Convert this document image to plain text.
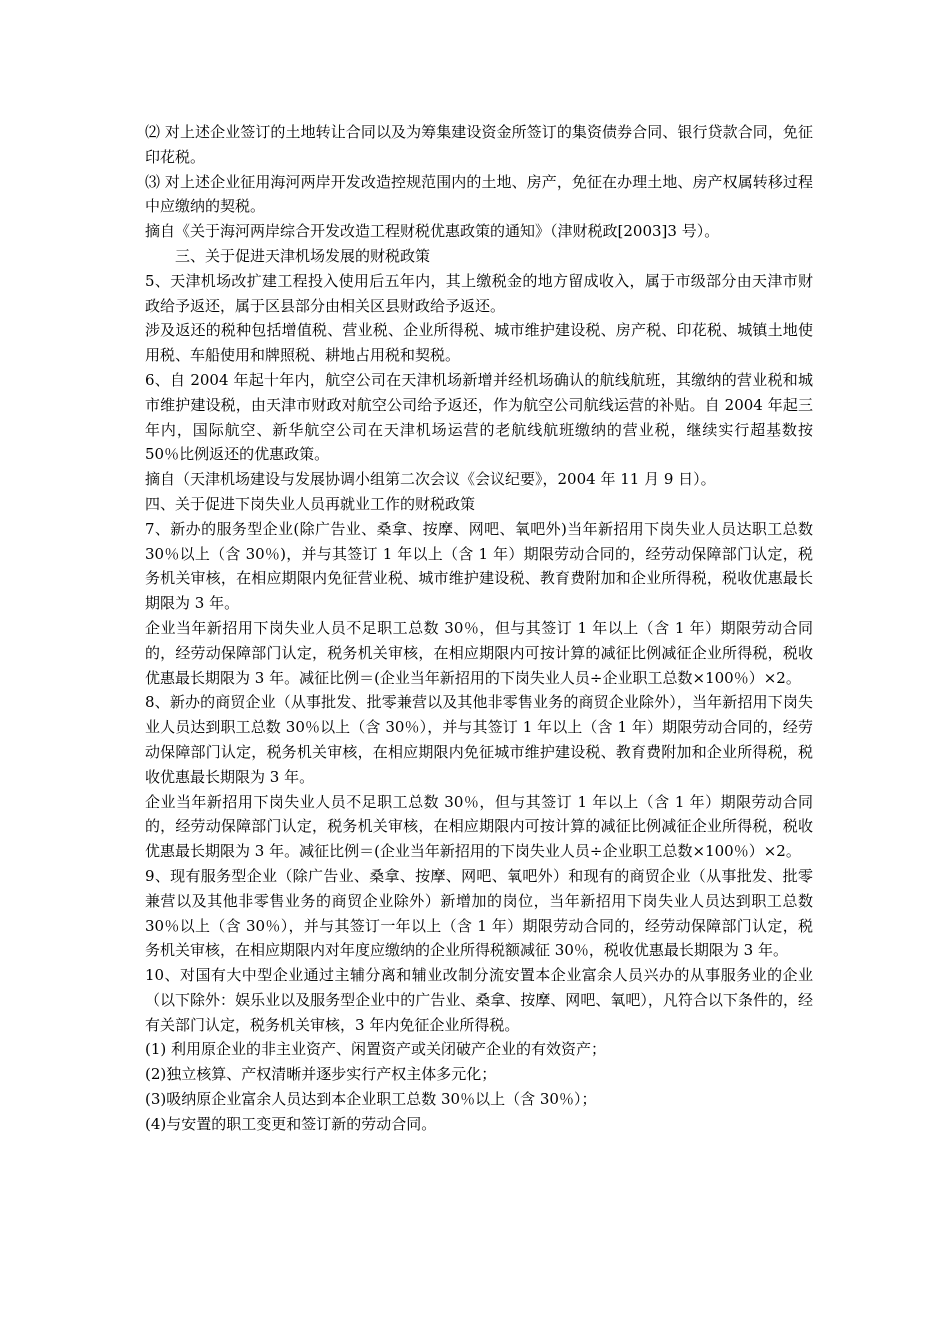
⑵ 对上述企业签订的土地转让合同以及为筹集建设资金所签订的集资债券合同、银行贷款合同，免征印花税。

⑶ 对上述企业征用海河两岸开发改造控规范围内的土地、房产，免征在办理土地、房产权属转移过程中应缴纳的契税。

摘自《关于海河两岸综合开发改造工程财税优惠政策的通知》（津财税政[2003]3 号）。

三、关于促进天津机场发展的财税政策

5、天津机场改扩建工程投入使用后五年内，其上缴税金的地方留成收入，属于市级部分由天津市财政给予返还，属于区县部分由相关区县财政给予返还。

涉及返还的税种包括增值税、营业税、企业所得税、城市维护建设税、房产税、印花税、城镇土地使用税、车船使用和牌照税、耕地占用税和契税。

6、自 2004 年起十年内，航空公司在天津机场新增并经机场确认的航线航班，其缴纳的营业税和城市维护建设税，由天津市财政对航空公司给予返还，作为航空公司航线运营的补贴。自 2004 年起三年内，国际航空、新华航空公司在天津机场运营的老航线航班缴纳的营业税，继续实行超基数按 50％比例返还的优惠政策。

摘自（天津机场建设与发展协调小组第二次会议《会议纪要》，2004 年 11 月 9 日）。

四、关于促进下岗失业人员再就业工作的财税政策

7、新办的服务型企业(除广告业、桑拿、按摩、网吧、氧吧外)当年新招用下岗失业人员达职工总数 30％以上（含 30％)，并与其签订 1 年以上（含 1 年）期限劳动合同的，经劳动保障部门认定，税务机关审核，在相应期限内免征营业税、城市维护建设税、教育费附加和企业所得税，税收优惠最长期限为 3 年。

企业当年新招用下岗失业人员不足职工总数 30％，但与其签订 1 年以上（含 1 年）期限劳动合同的，经劳动保障部门认定，税务机关审核，在相应期限内可按计算的减征比例减征企业所得税，税收优惠最长期限为 3 年。减征比例＝(企业当年新招用的下岗失业人员÷企业职工总数×100％）×2。

8、新办的商贸企业（从事批发、批零兼营以及其他非零售业务的商贸企业除外），当年新招用下岗失业人员达到职工总数 30％以上（含 30％），并与其签订 1 年以上（含 1 年）期限劳动合同的，经劳动保障部门认定，税务机关审核，在相应期限内免征城市维护建设税、教育费附加和企业所得税，税收优惠最长期限为 3 年。

企业当年新招用下岗失业人员不足职工总数 30％，但与其签订 1 年以上（含 1 年）期限劳动合同的，经劳动保障部门认定，税务机关审核，在相应期限内可按计算的减征比例减征企业所得税，税收优惠最长期限为 3 年。减征比例＝(企业当年新招用的下岗失业人员÷企业职工总数×100％）×2。

9、现有服务型企业（除广告业、桑拿、按摩、网吧、氧吧外）和现有的商贸企业（从事批发、批零兼营以及其他非零售业务的商贸企业除外）新增加的岗位，当年新招用下岗失业人员达到职工总数 30％以上（含 30％），并与其签订一年以上（含 1 年）期限劳动合同的，经劳动保障部门认定，税务机关审核，在相应期限内对年度应缴纳的企业所得税额减征 30％，税收优惠最长期限为 3 年。

10、对国有大中型企业通过主辅分离和辅业改制分流安置本企业富余人员兴办的从事服务业的企业（以下除外：娱乐业以及服务型企业中的广告业、桑拿、按摩、网吧、氧吧），凡符合以下条件的，经有关部门认定，税务机关审核，3 年内免征企业所得税。

(1) 利用原企业的非主业资产、闲置资产或关闭破产企业的有效资产；

(2)独立核算、产权清晰并逐步实行产权主体多元化；

(3)吸纳原企业富余人员达到本企业职工总数 30％以上（含 30％）；

(4)与安置的职工变更和签订新的劳动合同。
